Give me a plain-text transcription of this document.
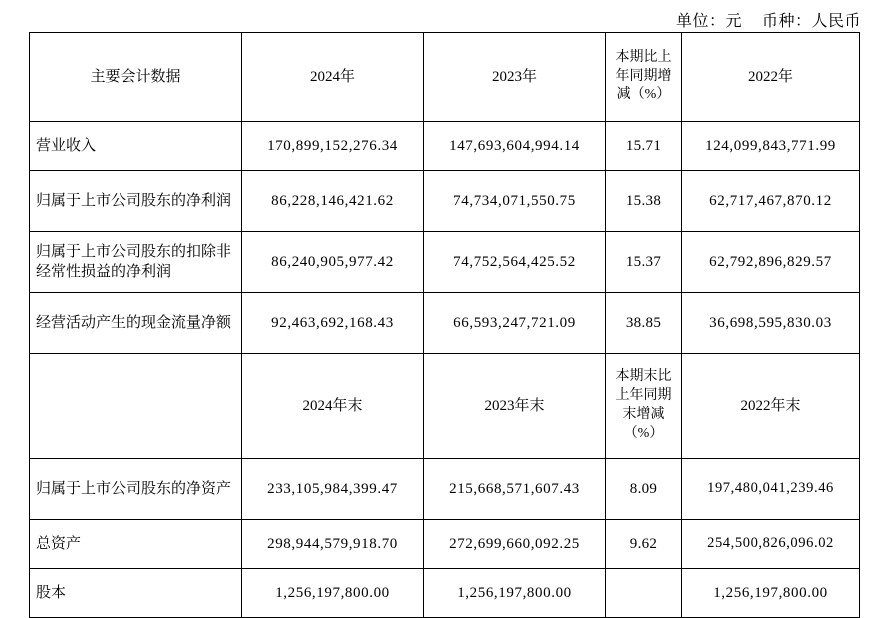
单位：元 币种：人民币
主要会计数据	2024年	2023年	本期比上年同期增减（%）	2022年
营业收入	170,899,152,276.34	147,693,604,994.14	15.71	124,099,843,771.99
归属于上市公司股东的净利润	86,228,146,421.62	74,734,071,550.75	15.38	62,717,467,870.12
归属于上市公司股东的扣除非经常性损益的净利润	86,240,905,977.42	74,752,564,425.52	15.37	62,792,896,829.57
经营活动产生的现金流量净额	92,463,692,168.43	66,593,247,721.09	38.85	36,698,595,830.03
	2024年末	2023年末	本期末比上年同期末增减（%）	2022年末
归属于上市公司股东的净资产	233,105,984,399.47	215,668,571,607.43	8.09	197,480,041,239.46
总资产	298,944,579,918.70	272,699,660,092.25	9.62	254,500,826,096.02
股本	1,256,197,800.00	1,256,197,800.00		1,256,197,800.00
